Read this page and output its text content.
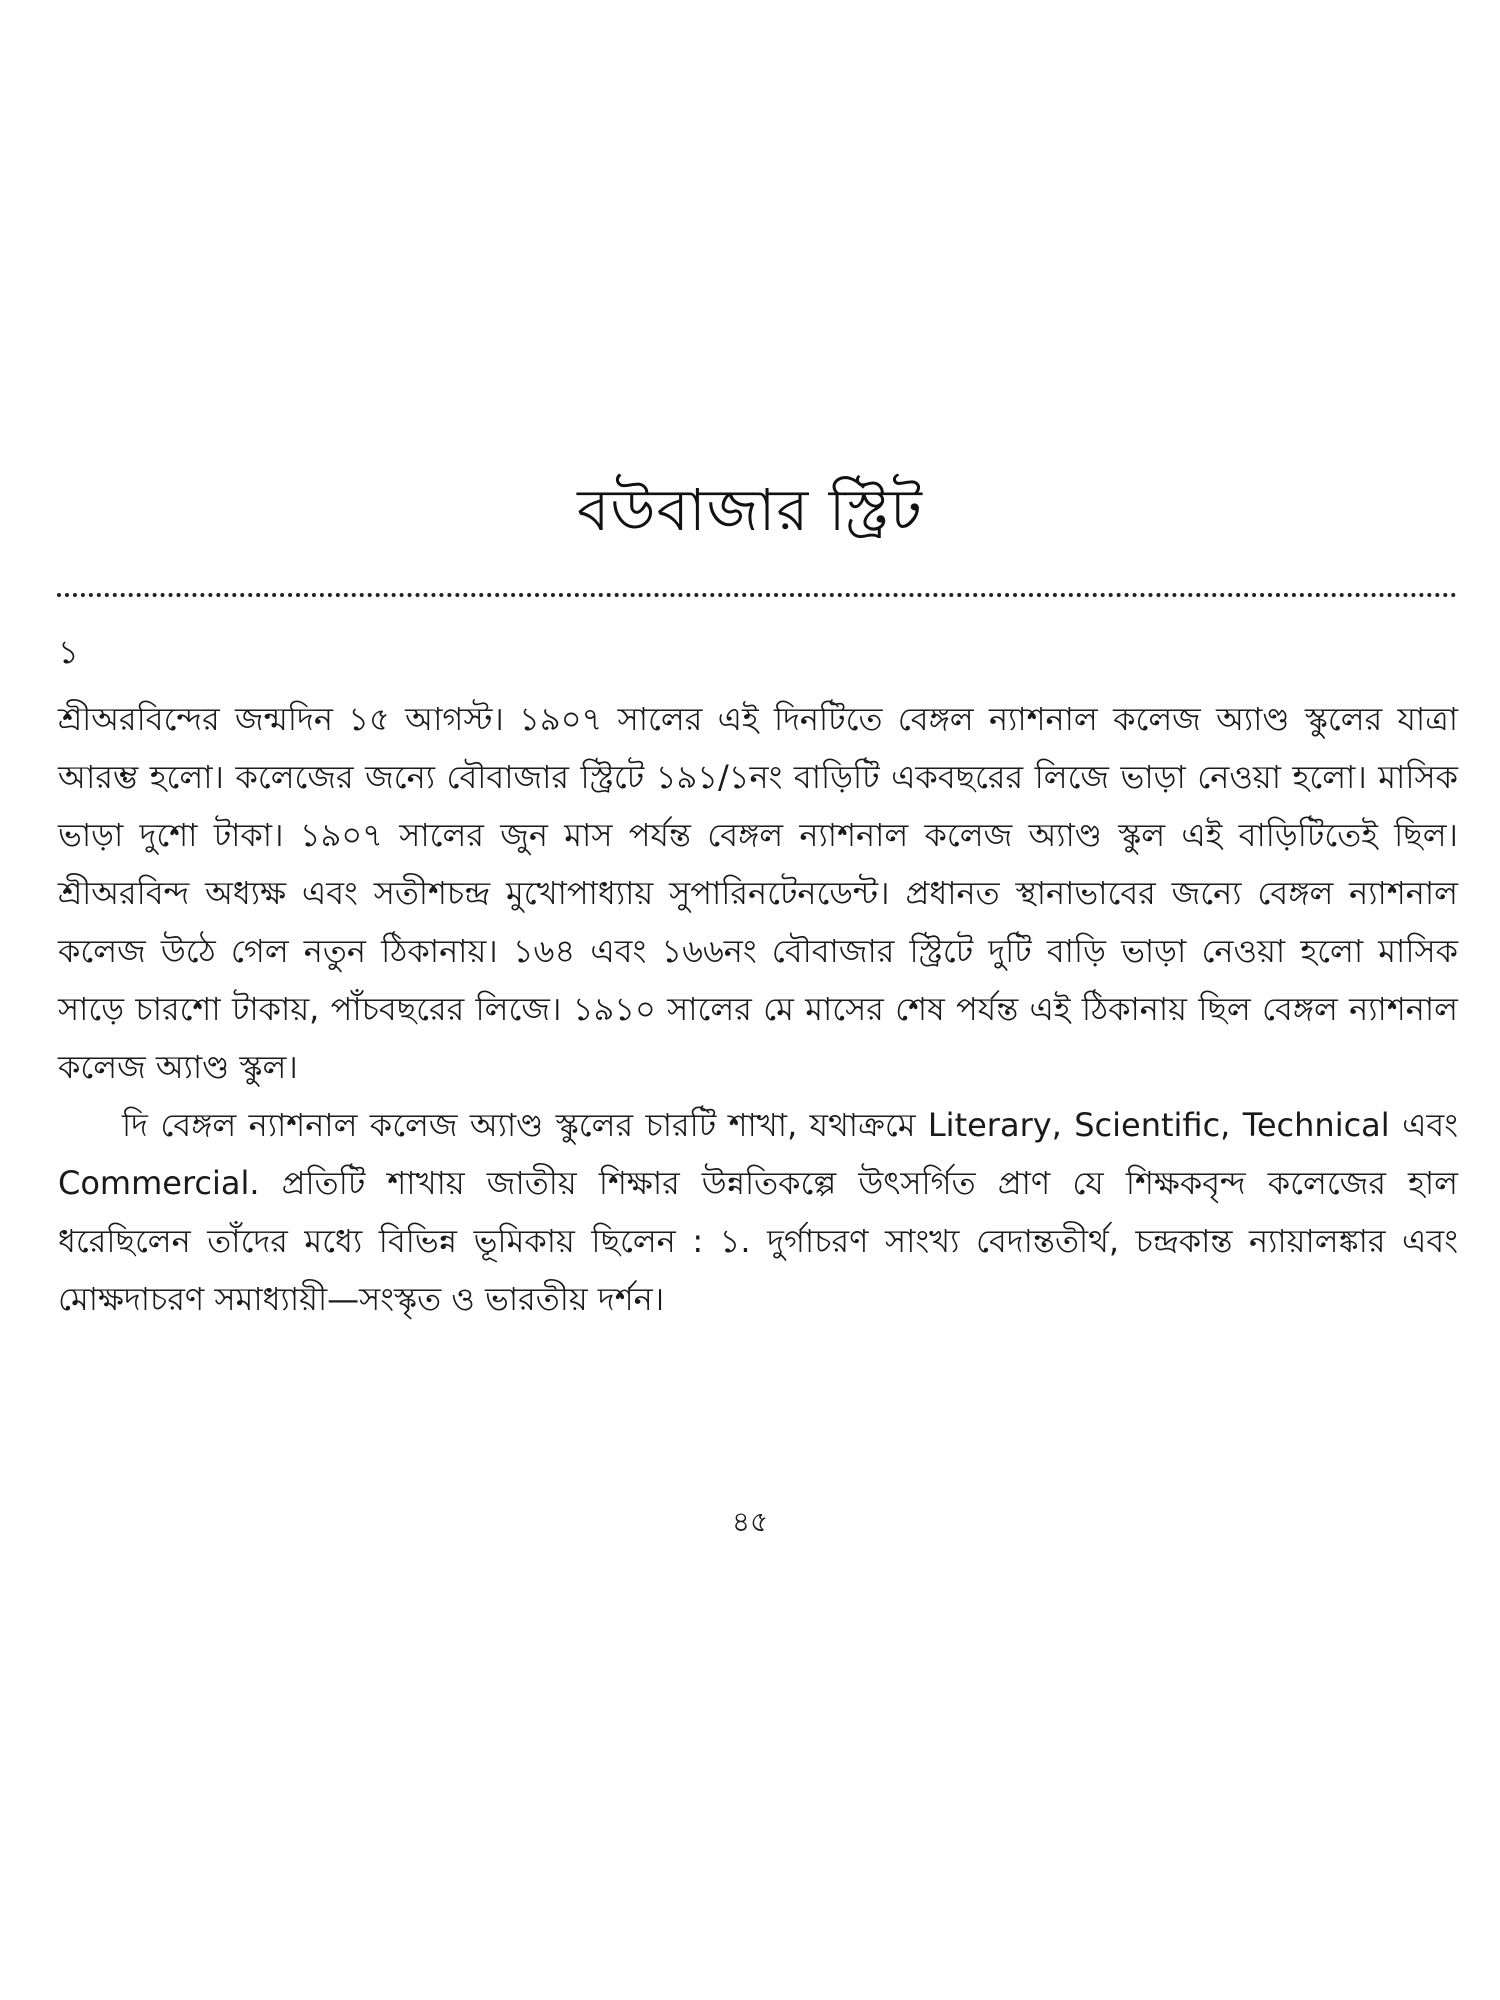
বউবাজার স্ট্রিট
১

শ্রীঅরবিন্দের জন্মদিন ১৫ আগস্ট। ১৯০৭ সালের এই দিনটিতে বেঙ্গল ন্যাশনাল কলেজ অ্যাণ্ড স্কুলের যাত্রা আরম্ভ হলো। কলেজের জন্যে বৌবাজার স্ট্রিটে ১৯১/১নং বাড়িটি একবছরের লিজে ভাড়া নেওয়া হলো। মাসিক ভাড়া দুশো টাকা। ১৯০৭ সালের জুন মাস পর্যন্ত বেঙ্গল ন্যাশনাল কলেজ অ্যাণ্ড স্কুল এই বাড়িটিতেই ছিল। শ্রীঅরবিন্দ অধ্যক্ষ এবং সতীশচন্দ্র মুখোপাধ্যায় সুপারিনটেনডেন্ট। প্রধানত স্থানাভাবের জন্যে বেঙ্গল ন্যাশনাল কলেজ উঠে গেল নতুন ঠিকানায়। ১৬৪ এবং ১৬৬নং বৌবাজার স্ট্রিটে দুটি বাড়ি ভাড়া নেওয়া হলো মাসিক সাড়ে চারশো টাকায়, পাঁচবছরের লিজে। ১৯১০ সালের মে মাসের শেষ পর্যন্ত এই ঠিকানায় ছিল বেঙ্গল ন্যাশনাল কলেজ অ্যাণ্ড স্কুল।

দি বেঙ্গল ন্যাশনাল কলেজ অ্যাণ্ড স্কুলের চারটি শাখা, যথাক্রমে Literary, Scientific, Technical এবং Commercial. প্রতিটি শাখায় জাতীয় শিক্ষার উন্নতিকল্পে উৎসর্গিত প্রাণ যে শিক্ষকবৃন্দ কলেজের হাল ধরেছিলেন তাঁদের মধ্যে বিভিন্ন ভূমিকায় ছিলেন : ১. দুর্গাচরণ সাংখ্য বেদান্ততীর্থ, চন্দ্রকান্ত ন্যায়ালঙ্কার এবং মোক্ষদাচরণ সমাধ্যায়ী—সংস্কৃত ও ভারতীয় দর্শন।

৪৫
